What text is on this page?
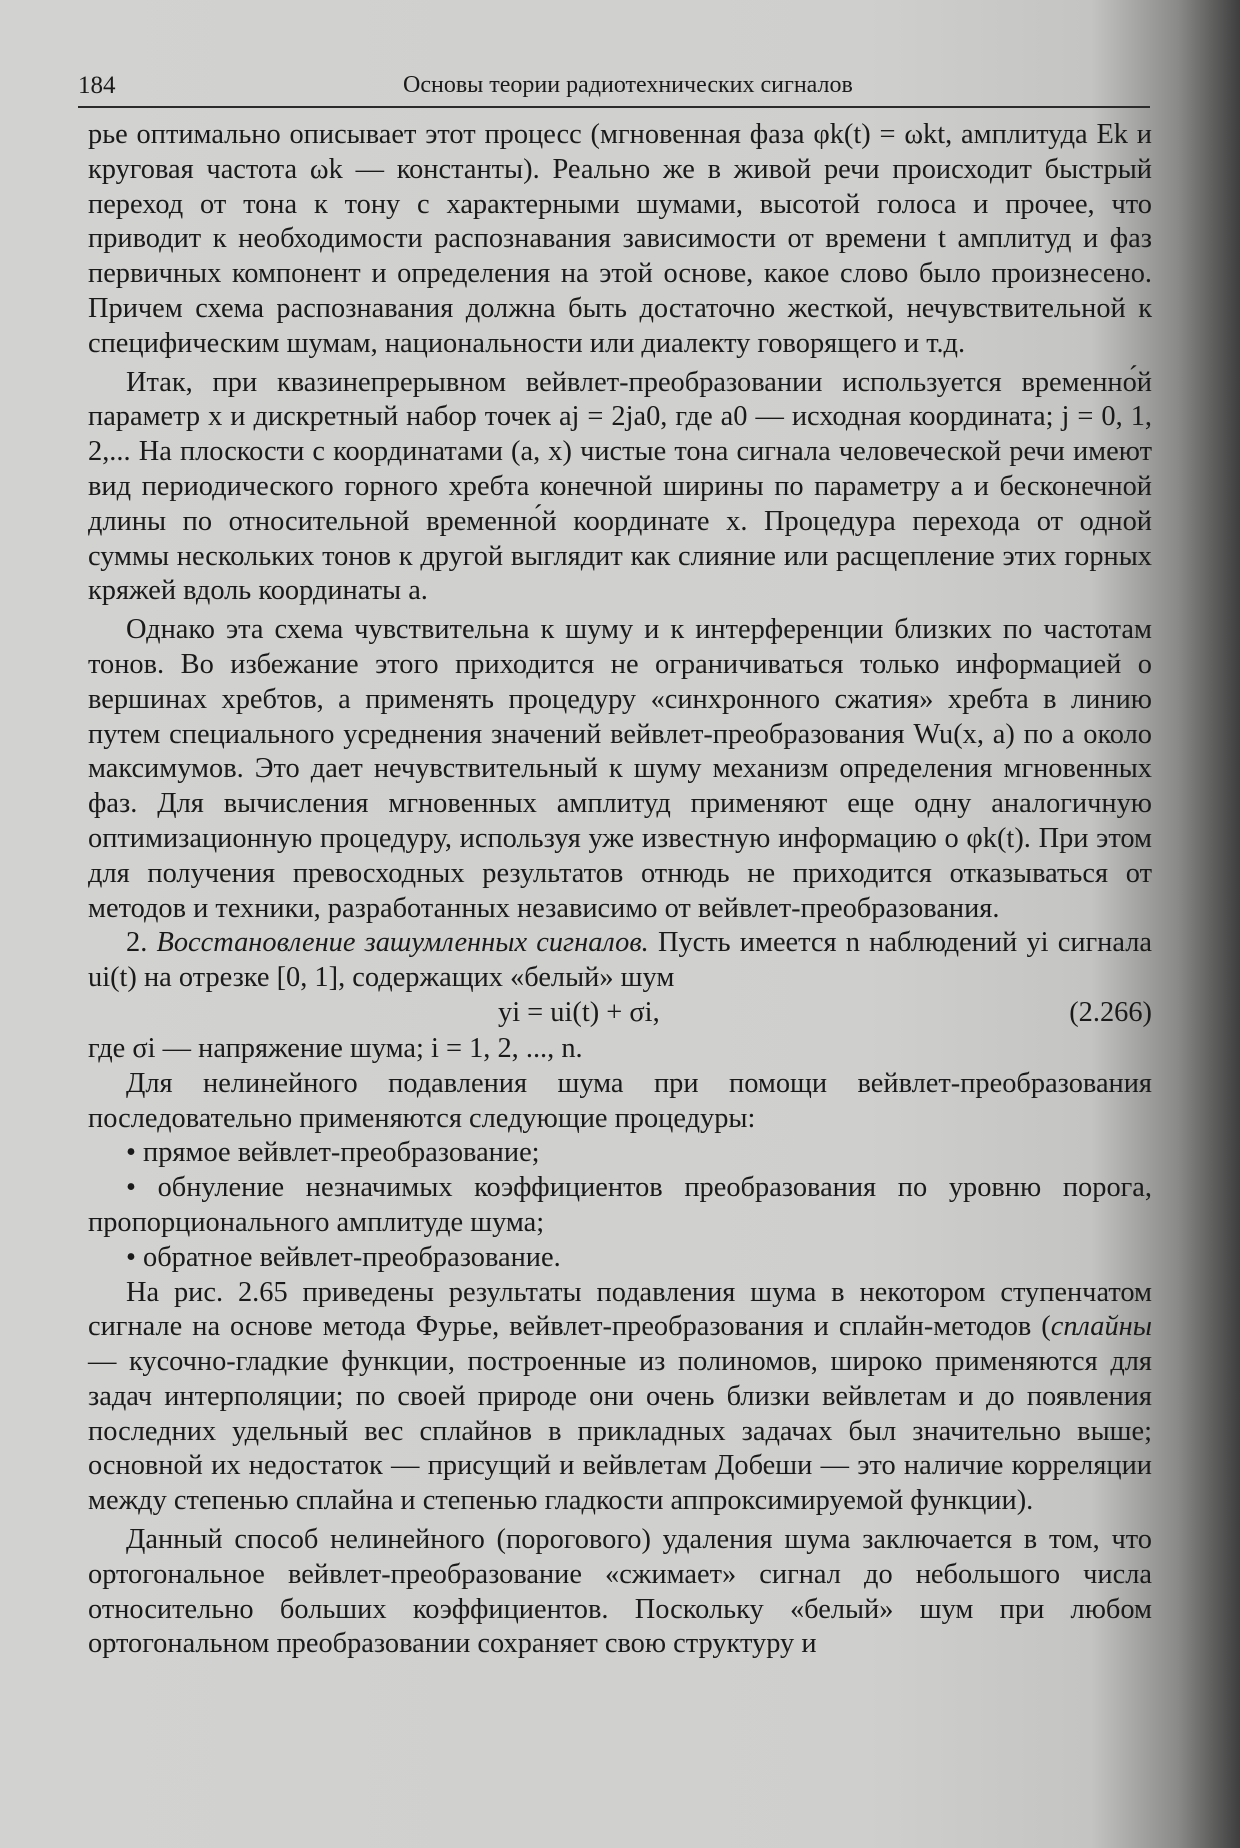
184	Основы теории радиотехнических сигналов

рье оптимально описывает этот процесс (мгновенная фаза φk(t) = ωkt, амплитуда Ek и круговая частота ωk — константы). Реально же в живой речи происходит быстрый переход от тона к тону с характерными шумами, высотой голоса и прочее, что приводит к необходимости распознавания зависимости от времени t амплитуд и фаз первичных компонент и определения на этой основе, какое слово было произнесено. Причем схема распознавания должна быть достаточно жесткой, нечувствительной к специфическим шумам, национальности или диалекту говорящего и т.д.

Итак, при квазинепрерывном вейвлет-преобразовании используется временно́й параметр x и дискретный набор точек aj = 2ja0, где a0 — исходная координата; j = 0, 1, 2,... На плоскости с координатами (a, x) чистые тона сигнала человеческой речи имеют вид периодического горного хребта конечной ширины по параметру a и бесконечной длины по относительной временно́й координате x. Процедура перехода от одной суммы нескольких тонов к другой выглядит как слияние или расщепление этих горных кряжей вдоль координаты a.

Однако эта схема чувствительна к шуму и к интерференции близких по частотам тонов. Во избежание этого приходится не ограничиваться только информацией о вершинах хребтов, а применять процедуру «синхронного сжатия» хребта в линию путем специального усреднения значений вейвлет-преобразования Wu(x, a) по a около максимумов. Это дает нечувствительный к шуму механизм определения мгновенных фаз. Для вычисления мгновенных амплитуд применяют еще одну аналогичную оптимизационную процедуру, используя уже известную информацию о φk(t). При этом для получения превосходных результатов отнюдь не приходится отказываться от методов и техники, разработанных независимо от вейвлет-преобразования.

2. Восстановление зашумленных сигналов. Пусть имеется n наблюдений yi сигнала ui(t) на отрезке [0, 1], содержащих «белый» шум

yi = ui(t) + σi,	(2.266)

где σi — напряжение шума; i = 1, 2, ..., n.

Для нелинейного подавления шума при помощи вейвлет-преобразования последовательно применяются следующие процедуры:

• прямое вейвлет-преобразование;

• обнуление незначимых коэффициентов преобразования по уровню порога, пропорционального амплитуде шума;

• обратное вейвлет-преобразование.

На рис. 2.65 приведены результаты подавления шума в некотором ступенчатом сигнале на основе метода Фурье, вейвлет-преобразования и сплайн-методов (сплайны — кусочно-гладкие функции, построенные из полиномов, широко применяются для задач интерполяции; по своей природе они очень близки вейвлетам и до появления последних удельный вес сплайнов в прикладных задачах был значительно выше; основной их недостаток — присущий и вейвлетам Добеши — это наличие корреляции между степенью сплайна и степенью гладкости аппроксимируемой функции).

Данный способ нелинейного (порогового) удаления шума заключается в том, что ортогональное вейвлет-преобразование «сжимает» сигнал до небольшого числа относительно больших коэффициентов. Поскольку «белый» шум при любом ортогональном преобразовании сохраняет свою структуру и
